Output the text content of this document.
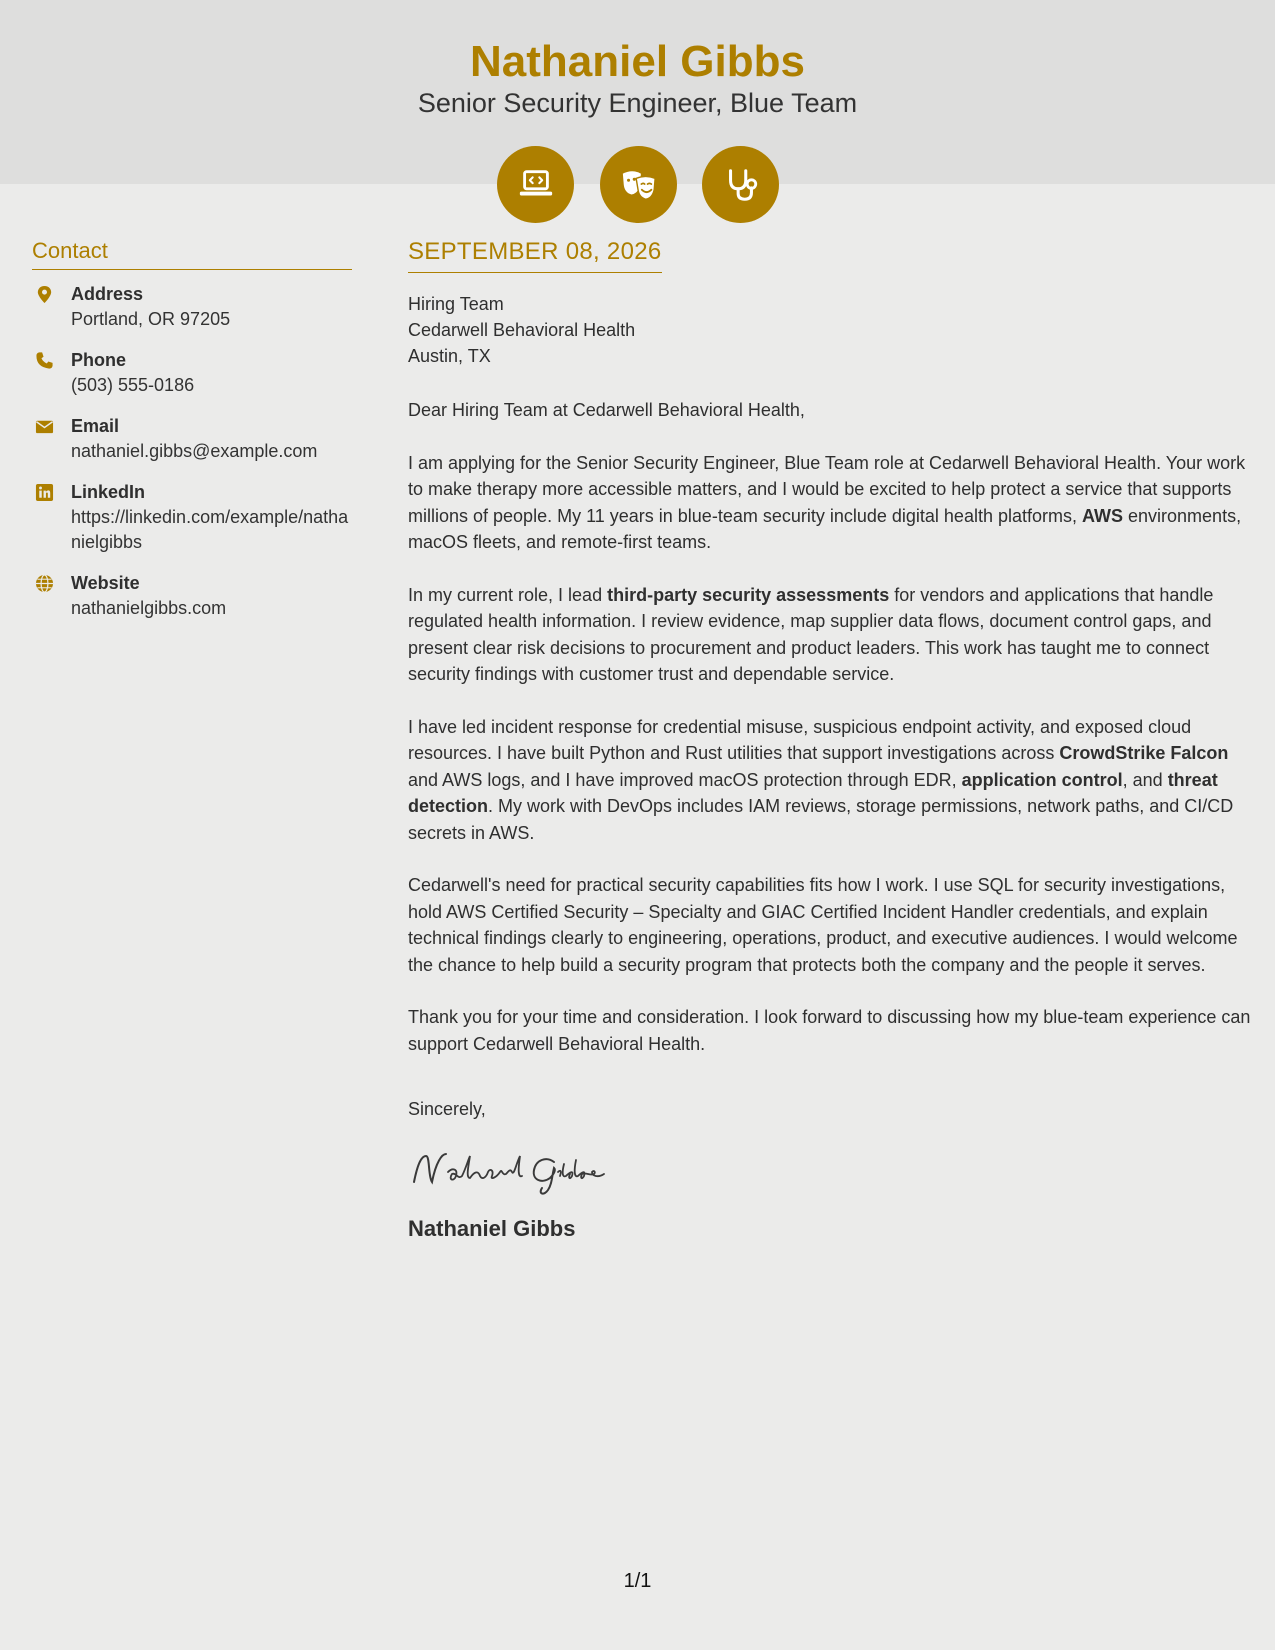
Nathaniel Gibbs
Senior Security Engineer, Blue Team
Contact
Address
Portland, OR 97205
Phone
(503) 555-0186
Email
nathaniel.gibbs@example.com
LinkedIn
https://linkedin.com/example/nathanielgibbs
Website
nathanielgibbs.com
SEPTEMBER 08, 2026
Hiring Team
Cedarwell Behavioral Health
Austin, TX

Dear Hiring Team at Cedarwell Behavioral Health,

I am applying for the Senior Security Engineer, Blue Team role at Cedarwell Behavioral Health. Your work to make therapy more accessible matters, and I would be excited to help protect a service that supports millions of people. My 11 years in blue-team security include digital health platforms, AWS environments, macOS fleets, and remote-first teams.

In my current role, I lead third-party security assessments for vendors and applications that handle regulated health information. I review evidence, map supplier data flows, document control gaps, and present clear risk decisions to procurement and product leaders. This work has taught me to connect security findings with customer trust and dependable service.

I have led incident response for credential misuse, suspicious endpoint activity, and exposed cloud resources. I have built Python and Rust utilities that support investigations across CrowdStrike Falcon and AWS logs, and I have improved macOS protection through EDR, application control, and threat detection. My work with DevOps includes IAM reviews, storage permissions, network paths, and CI/CD secrets in AWS.

Cedarwell's need for practical security capabilities fits how I work. I use SQL for security investigations, hold AWS Certified Security – Specialty and GIAC Certified Incident Handler credentials, and explain technical findings clearly to engineering, operations, product, and executive audiences. I would welcome the chance to help build a security program that protects both the company and the people it serves.

Thank you for your time and consideration. I look forward to discussing how my blue-team experience can support Cedarwell Behavioral Health.

Sincerely,
Nathaniel Gibbs
1/1
